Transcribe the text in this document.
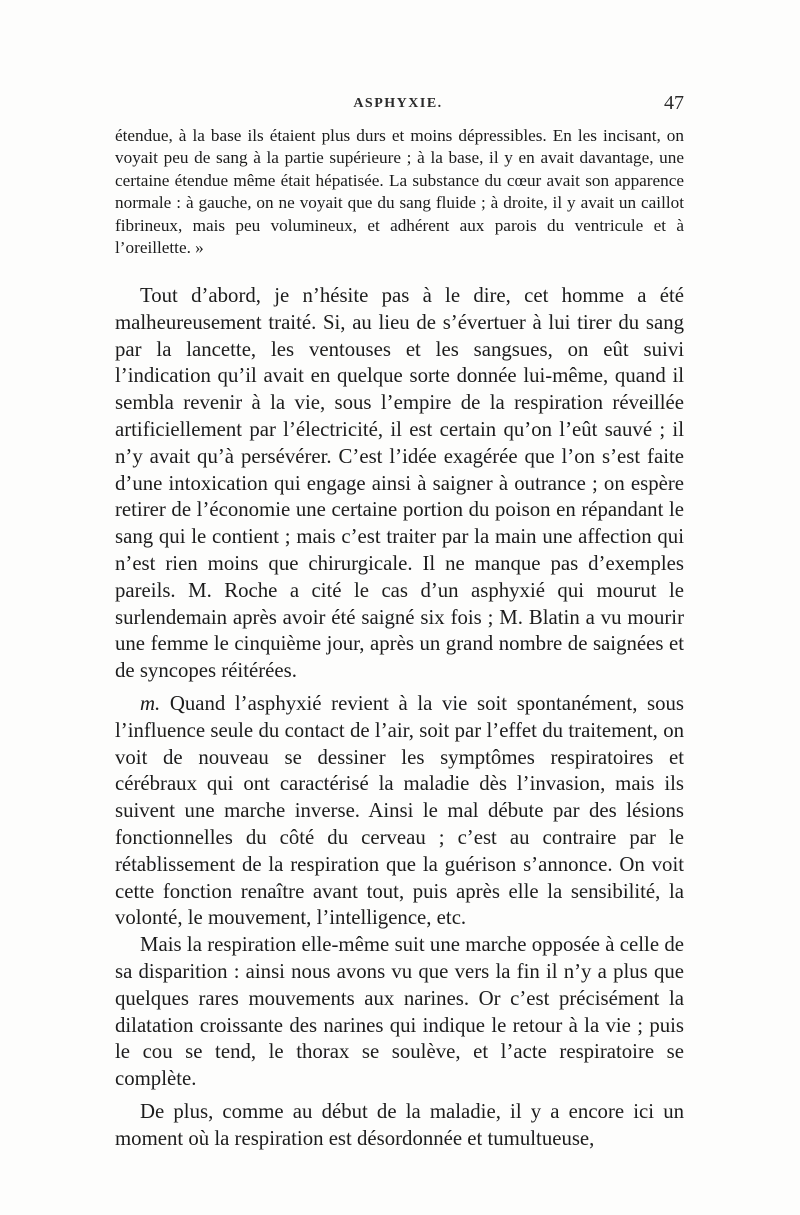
ASPHYXIE.	47

étendue, à la base ils étaient plus durs et moins dépressibles. En les incisant, on voyait peu de sang à la partie supérieure ; à la base, il y en avait davantage, une certaine étendue même était hépatisée. La substance du cœur avait son apparence normale : à gauche, on ne voyait que du sang fluide ; à droite, il y avait un caillot fibrineux, mais peu volumineux, et adhérent aux parois du ventricule et à l’oreillette. »

Tout d’abord, je n’hésite pas à le dire, cet homme a été malheureusement traité. Si, au lieu de s’évertuer à lui tirer du sang par la lancette, les ventouses et les sangsues, on eût suivi l’indication qu’il avait en quelque sorte donnée lui-même, quand il sembla revenir à la vie, sous l’empire de la respiration réveillée artificiellement par l’électricité, il est certain qu’on l’eût sauvé ; il n’y avait qu’à persévérer. C’est l’idée exagérée que l’on s’est faite d’une intoxication qui engage ainsi à saigner à outrance ; on espère retirer de l’économie une certaine portion du poison en répandant le sang qui le contient ; mais c’est traiter par la main une affection qui n’est rien moins que chirurgicale. Il ne manque pas d’exemples pareils. M. Roche a cité le cas d’un asphyxié qui mourut le surlendemain après avoir été saigné six fois ; M. Blatin a vu mourir une femme le cinquième jour, après un grand nombre de saignées et de syncopes réitérées.

m. Quand l’asphyxié revient à la vie soit spontanément, sous l’influence seule du contact de l’air, soit par l’effet du traitement, on voit de nouveau se dessiner les symptômes respiratoires et cérébraux qui ont caractérisé la maladie dès l’invasion, mais ils suivent une marche inverse. Ainsi le mal débute par des lésions fonctionnelles du côté du cerveau ; c’est au contraire par le rétablissement de la respiration que la guérison s’annonce. On voit cette fonction renaître avant tout, puis après elle la sensibilité, la volonté, le mouvement, l’intelligence, etc.

Mais la respiration elle-même suit une marche opposée à celle de sa disparition : ainsi nous avons vu que vers la fin il n’y a plus que quelques rares mouvements aux narines. Or c’est précisément la dilatation croissante des narines qui indique le retour à la vie ; puis le cou se tend, le thorax se soulève, et l’acte respiratoire se complète.

De plus, comme au début de la maladie, il y a encore ici un moment où la respiration est désordonnée et tumultueuse,
